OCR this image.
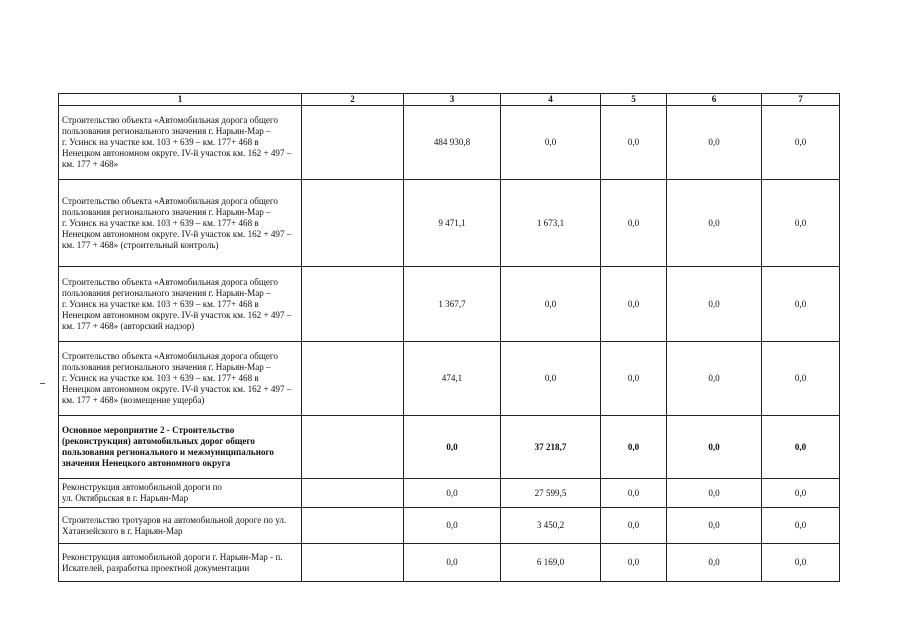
1	2	3	4	5	6	7
Строительство объекта «Автомобильная дорога общего пользования регионального значения г. Нарьян-Мар –
г. Усинск на участке км. 103 + 639 – км. 177+ 468 в Ненецком автономном округе. IV-й участок км. 162 + 497 – км. 177 + 468»		484 930,8	0,0	0,0	0,0	0,0
Строительство объекта «Автомобильная дорога общего пользования регионального значения г. Нарьян-Мар –
г. Усинск на участке км. 103 + 639 – км. 177+ 468 в Ненецком автономном округе. IV-й участок км. 162 + 497 – км. 177 + 468» (строительный контроль)		9 471,1	1 673,1	0,0	0,0	0,0
Строительство объекта «Автомобильная дорога общего пользования регионального значения г. Нарьян-Мар –
г. Усинск на участке км. 103 + 639 – км. 177+ 468 в Ненецком автономном округе. IV-й участок км. 162 + 497 – км. 177 + 468» (авторский надзор)		1 367,7	0,0	0,0	0,0	0,0
Строительство объекта «Автомобильная дорога общего пользования регионального значения г. Нарьян-Мар –
г. Усинск на участке км. 103 + 639 – км. 177+ 468 в Ненецком автономном округе. IV-й участок км. 162 + 497 – км. 177 + 468» (возмещение ущерба)		474,1	0,0	0,0	0,0	0,0
Основное мероприятие 2 - Строительство (реконструкция) автомобильных дорог общего пользования регионального и межмуниципального значения Ненецкого автономного округа		0,0	37 218,7	0,0	0,0	0,0
Реконструкция автомобильной дороги по
ул. Октябрьская в г. Нарьян-Мар		0,0	27 599,5	0,0	0,0	0,0
Строительство тротуаров на автомобильной дороге по ул. Хатанзейского в г. Нарьян-Мар		0,0	3 450,2	0,0	0,0	0,0
Реконструкция автомобильной дороги г. Нарьян-Мар - п. Искателей, разработка проектной документации		0,0	6 169,0	0,0	0,0	0,0
